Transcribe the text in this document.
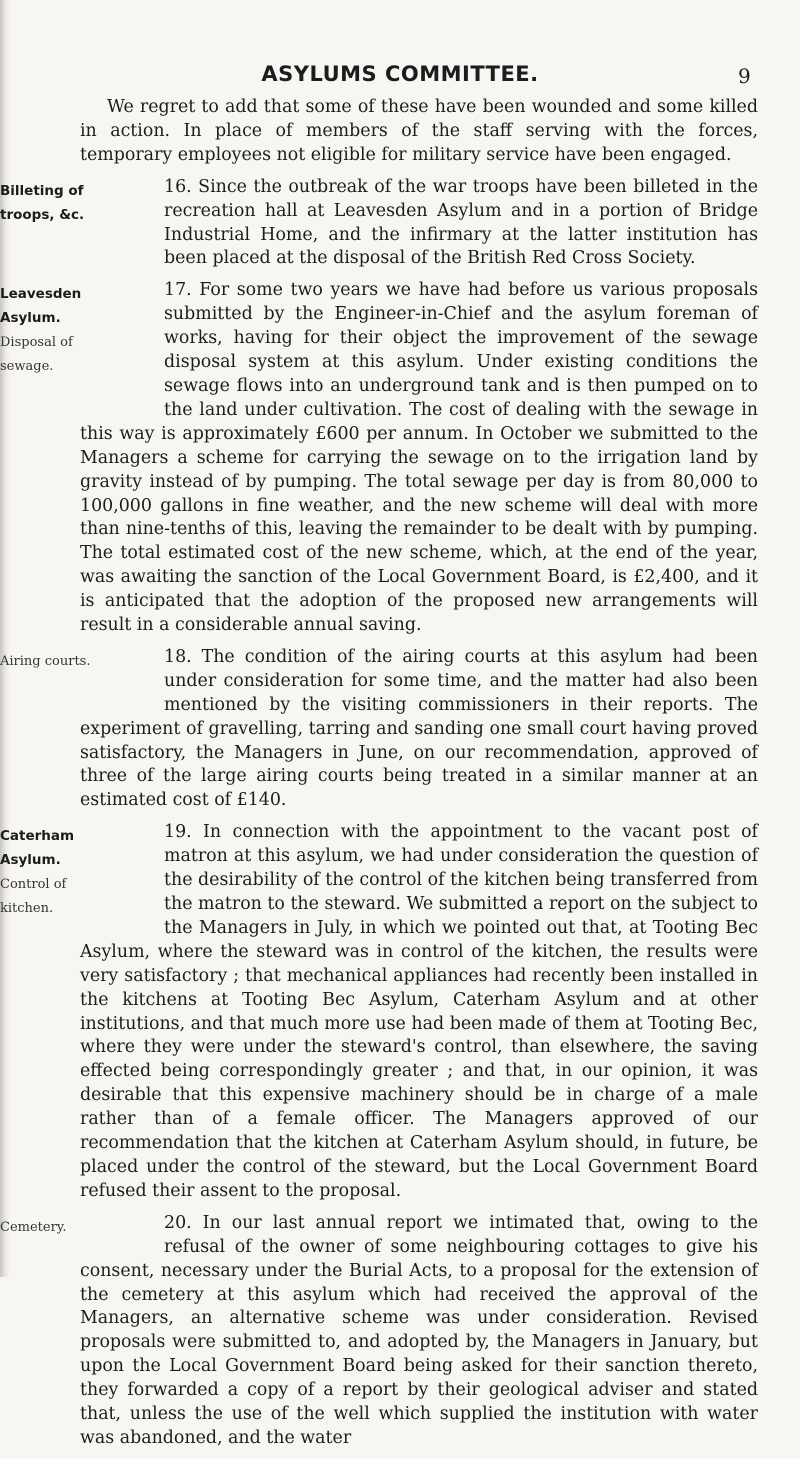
ASYLUMS COMMITTEE.	9

We regret to add that some of these have been wounded and some killed in action. In place of members of the staff serving with the forces, temporary employees not eligible for military service have been engaged.

Billeting of
troops, &c.

16. Since the outbreak of the war troops have been billeted in the recreation hall at Leavesden Asylum and in a portion of Bridge Industrial Home, and the infirmary at the latter institution has been placed at the disposal of the British Red Cross Society.

Leavesden
Asylum.
Disposal of
sewage.

17. For some two years we have had before us various proposals submitted by the Engineer-in-Chief and the asylum foreman of works, having for their object the improvement of the sewage disposal system at this asylum. Under existing conditions the sewage flows into an underground tank and is then pumped on to the land under cultivation. The cost of dealing with the sewage in this way is approximately £600 per annum. In October we submitted to the Managers a scheme for carrying the sewage on to the irrigation land by gravity instead of by pumping. The total sewage per day is from 80,000 to 100,000 gallons in fine weather, and the new scheme will deal with more than nine-tenths of this, leaving the remainder to be dealt with by pumping. The total estimated cost of the new scheme, which, at the end of the year, was awaiting the sanction of the Local Government Board, is £2,400, and it is anticipated that the adoption of the proposed new arrangements will result in a considerable annual saving.

Airing courts.	18. The condition of the airing courts at this asylum had been under consideration for some time, and the matter had also been mentioned by the visiting commissioners in their reports. The experiment of gravelling, tarring and sanding one small court having proved satisfactory, the Managers in June, on our recommendation, approved of three of the large airing courts being treated in a similar manner at an estimated cost of £140.

Caterham
Asylum.
Control of
kitchen.

19. In connection with the appointment to the vacant post of matron at this asylum, we had under consideration the question of the desirability of the control of the kitchen being transferred from the matron to the steward. We submitted a report on the subject to the Managers in July, in which we pointed out that, at Tooting Bec Asylum, where the steward was in control of the kitchen, the results were very satisfactory ; that mechanical appliances had recently been installed in the kitchens at Tooting Bec Asylum, Caterham Asylum and at other institutions, and that much more use had been made of them at Tooting Bec, where they were under the steward's control, than elsewhere, the saving effected being correspondingly greater ; and that, in our opinion, it was desirable that this expensive machinery should be in charge of a male rather than of a female officer. The Managers approved of our recommendation that the kitchen at Caterham Asylum should, in future, be placed under the control of the steward, but the Local Government Board refused their assent to the proposal.

Cemetery.	20. In our last annual report we intimated that, owing to the refusal of the owner of some neighbouring cottages to give his consent, necessary under the Burial Acts, to a proposal for the extension of the cemetery at this asylum which had received the approval of the Managers, an alternative scheme was under consideration. Revised proposals were submitted to, and adopted by, the Managers in January, but upon the Local Government Board being asked for their sanction thereto, they forwarded a copy of a report by their geological adviser and stated that, unless the use of the well which supplied the institution with water was abandoned, and the water
